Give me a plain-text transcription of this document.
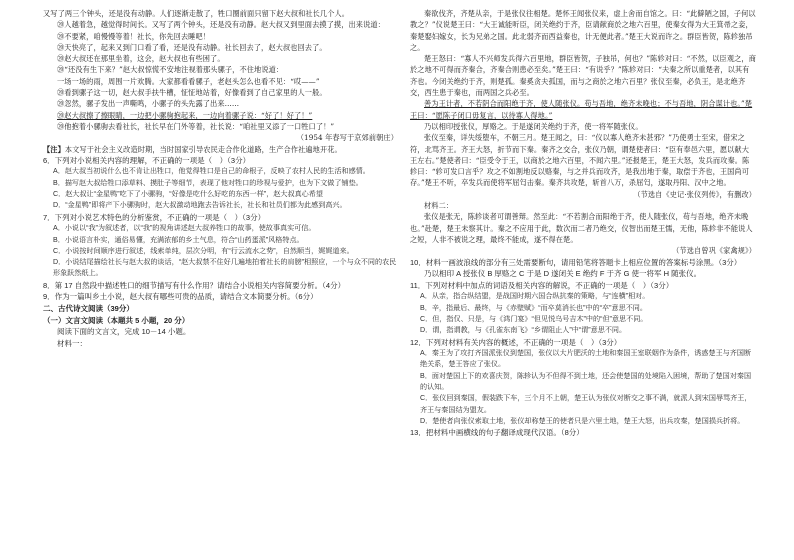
又写了两三个钟头，还是没有动静。人们逐渐走散了，牲口圈前面只留下赵大叔和社长几个人。

⑳人越着急，越觉得时间长。又写了两个钟头，还是没有动静。赵大叔又到里面去摸了摸，出来说道：

⑳不要紧，咱慢慢等着！社长，你先回去睡吧！

⑳天快亮了，起来又到门口看了看，还是没有动静。社长回去了，赵大叔也回去了。

⑳赵大叔还在那里坐着，这会，赵大叔也有些困了。

⑳“还没有生下来？”赵大叔惊慌不安地注视着那头骡子，不住地说道：

一场一场的雨，周围一片欢腾。大家都看看骡子，老赵头怎么也看不见：“哎——”

⑳看到骡子这一切，赵大叔手扶牛槽，怔怔地站着，好像看到了自己家里的人一般。

⑳忽然，骡子发出一声嘶鸣，小骡子的头先露了出来……

⑳赵大叔擦了擦眼睛，一边把小骡驹抱起来，一边向着骡子说：“好了！好了！”

⑳他抱着小骡驹去看社长，社长早在门外等着，社长说：“咱社里又添了一口牲口了！”

（1954 年春写于京郊前朝庄）

【注】本文写于社会主义改造时期，当时国家引导农民走合作化道路，生产合作社遍地开花。

6．下列对小说相关内容的理解，不正确的一项是（　）（3分）

A．赵大叔当初说什么也不肯让出牲口，他觉得牲口是自己的命根子，反映了农村人民的生活和感情。

B．描写赵大叔给牲口添草料、摸肚子等细节，表现了他对牲口的珍视与爱护，也为下文做了铺垫。

C．赵大叔让“金星鸭”吃下了小骡驹，“好像是吃什么好吃的东西一样”，赵大叔真心希望

D．“金星鸭”即将产下小骡驹时，赵大叔激动地跑去告诉社长，社长和社员们都为此感到高兴。

7．下列对小说艺术特色的分析鉴赏，不正确的一项是（　）（3分）

A．小说以“我”为叙述者，以“我”的视角讲述赵大叔养牲口的故事，使故事真实可信。

B．小说语言朴实，通俗易懂，充满浓郁的乡土气息，符合“山药蛋派”风格特点。

C．小说按时间顺序进行叙述，线索单纯，层次分明，有“行云流水之势”，自然顺当，娓娓道来。

D．小说结尾描绘社长与赵大叔的谈话，“赵大叔禁不住好几遍地拍着社长的肩膀”相照应，一个与众不同的农民形象跃然纸上。

8．第 17 自然段中描述牲口的细节描写有什么作用？请结合小说相关内容简要分析。（4分）

9．作为一篇叫乡土小说，赵大叔有哪些可贵的品质，请结合文本简要分析。（6分）

二、古代诗文阅读（39分）

（一）文言文阅读（本题共 5 小题，20 分）

阅读下面的文言文，完成 10－14 小题。

材料一：

秦欲伐齐，齐楚从亲，于是张仪往相楚。楚怀王闻张仪来，虚上舍而自馆之。曰：“此僻陋之国，子何以教之？”仪说楚王曰：“大王诚能听臣，闭关绝约于齐，臣请献商於之地六百里，使秦女得为大王箕帚之妾，秦楚娶妇嫁女，长为兄弟之国。此北弱齐而西益秦也，计无便此者。”楚王大说而许之。群臣皆贺，陈轸独吊之。

楚王怒曰：“寡人不兴师发兵得六百里地，群臣皆贺，子独吊，何也？”陈轸对曰：“不然，以臣观之，商於之地不可得而齐秦合，齐秦合则患必至矣。”楚王曰：“有说乎？”陈轸对曰：“夫秦之所以重楚者，以其有齐也。今闭关绝约于齐，则楚孤。秦奚贪夫孤国，而与之商於之地六百里？张仪至秦，必负王，是北绝齐交，西生患于秦也，而两国之兵必至。

善为王计者，不若阴合而阳绝于齐，使人随张仪。苟与吾地，绝齐未晚也；不与吾地，阴合谋计也。”楚王曰：“愿陈子闭口毋复言，以待寡人得地。”

乃以相印授张仪，厚赂之。于是遂闭关绝约于齐，使一将军随张仪。

张仪至秦，详失绥堕车，不朝三月。楚王闻之，曰：“仪以寡人绝齐未甚邪？”乃使勇士至宋，借宋之符，北骂齐王。齐王大怒，折节而下秦。秦齐之交合，张仪乃朝，谓楚使者曰：“臣有奉邑六里，愿以献大王左右。”楚使者曰：“臣受令于王，以商於之地六百里，不闻六里。”还报楚王，楚王大怒，发兵而攻秦。陈轸曰：“轸可发口言乎？攻之不如割地反以赂秦，与之并兵而攻齐，是我出地于秦，取偿于齐也，王国尚可存。”楚王不听，卒发兵而使将军屈匄击秦。秦齐共攻楚，斩首八万，杀屈匄，遂取丹阳、汉中之地。

（节选自《史记·张仪列传》，有删改）

材料二：

张仪是张无，陈轸谈者可谓善辩。然至此：“不若割合而阳绝于齐，使人随张仪，苟与吾地，绝齐未晚也。”赴楚，楚王未察其计。秦之不应用于此，数次而二者乃绝交，仪智出而楚王懦，无他，陈轸非不能说人之短，人非不被说之理，最终不能成，遂不得在楚。

（节选自曾巩《家禽规》）

10．材料一画波浪线的部分有三处需要断句，请用铅笔将答题卡上相应位置的答案标号涂黑。（3分）

乃以相印 A 授张仪 B 厚赂之 C 于是 D 遂闭关 E 绝约 F 于齐 G 使一将军 H 随张仪。

11．下列对材料中加点的词语及相关内容的解说，不正确的一项是（　）（3分）

A．从亲，指合纵结盟，是战国时期六国合纵抗秦的策略，与“连横”相对。

B．辛，指最后、最终，与《赤壁赋》“而卒莫消长也”中的“卒”意思不同。

C．但，指仅、只是，与《鸿门宴》“但见悦乌号吉木”中的“但”意思不同。

D．谓，指谓教，与《孔雀东南飞》“乡谓阻止人”中“谓”意思不同。

12．下列对材料有关内容的概述，不正确的一项是（　）（3分）

A．秦王为了攻打齐国派张仪到楚国，张仪以大片肥沃的土地和秦国王室联姻作为条件，诱惑楚王与齐国断绝关系，楚王答应了张仪。

B．面对楚国上下的欢喜庆贺，陈轸认为不但得不到土地，还会使楚国的处境陷入困境，帮助了楚国对秦国的认知。

C．张仪回到秦国，假装跌下车，三个月不上朝，楚王认为张仪对断交之事不满，就派人到宋国辱骂齐王，齐王与秦国结为盟友。

D．楚使者向张仪索取土地，张仪却称楚王的使者只是六里土地，楚王大怒，出兵攻秦，楚国损兵折将。

13．把材料中画横线的句子翻译成现代汉语。（8分）
